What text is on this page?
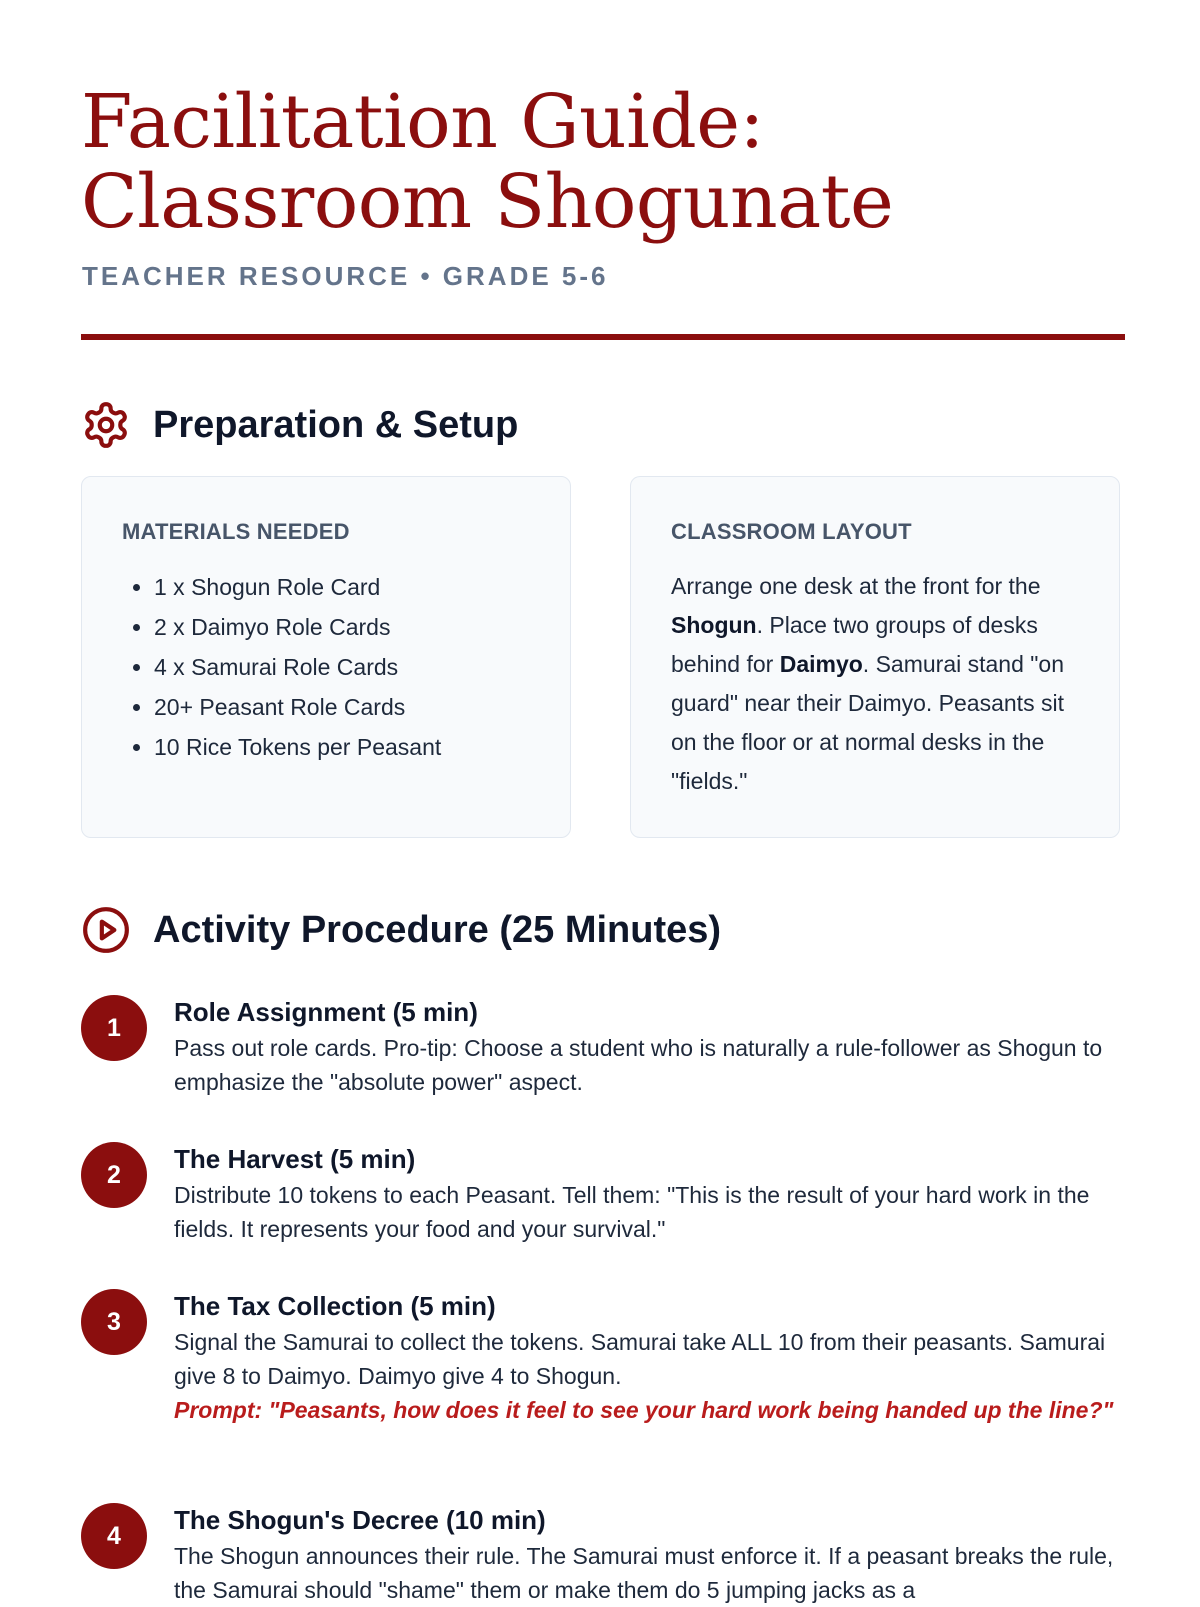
Facilitation Guide:
Classroom Shogunate
TEACHER RESOURCE • GRADE 5-6
Preparation & Setup
MATERIALS NEEDED
• 1 x Shogun Role Card
• 2 x Daimyo Role Cards
• 4 x Samurai Role Cards
• 20+ Peasant Role Cards
• 10 Rice Tokens per Peasant
CLASSROOM LAYOUT

Arrange one desk at the front for the Shogun. Place two groups of desks behind for Daimyo. Samurai stand "on guard" near their Daimyo. Peasants sit on the floor or at normal desks in the "fields."

Activity Procedure (25 Minutes)
1
Role Assignment (5 min)

Pass out role cards. Pro-tip: Choose a student who is naturally a rule-follower as Shogun to emphasize the "absolute power" aspect.

2
The Harvest (5 min)

Distribute 10 tokens to each Peasant. Tell them: "This is the result of your hard work in the fields. It represents your food and your survival."

3
The Tax Collection (5 min)

Signal the Samurai to collect the tokens. Samurai take ALL 10 from their peasants. Samurai give 8 to Daimyo. Daimyo give 4 to Shogun.

Prompt: "Peasants, how does it feel to see your hard work being handed up the line?"

4
The Shogun's Decree (10 min)

The Shogun announces their rule. The Samurai must enforce it. If a peasant breaks the rule, the Samurai should "shame" them or make them do 5 jumping jacks as a
